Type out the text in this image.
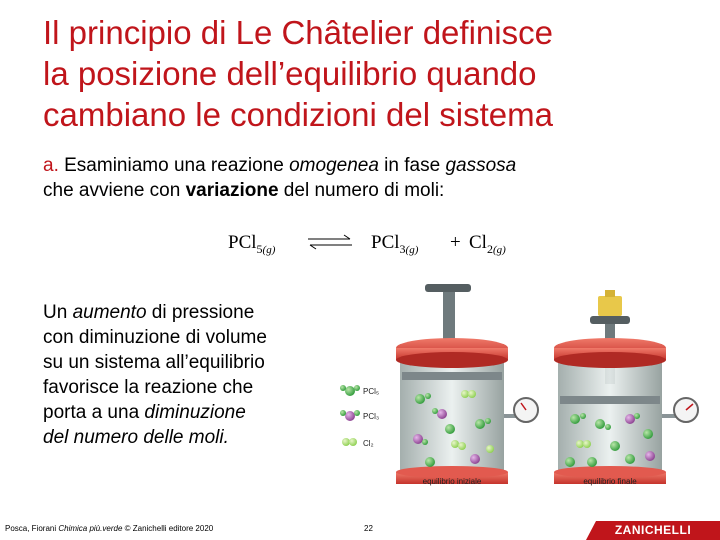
Il principio di Le Châtelier definisce
la posizione dell’equilibrio quando
cambiano le condizioni del sistema
a. Esaminiamo una reazione omogenea in fase gassosa
che avviene con variazione del numero di moli:
PCl$_{5(g)}$ ⇌ $PCl_{3(g)} + Cl_{2(g)}$
Un aumento di pressione
con diminuzione di volume
su un sistema all’equilibrio
favorisce la reazione che
porta a una diminuzione
del numero delle moli.
PCl₅
PCl₃
Cl₂
equilibrio iniziale	equilibrio finale
Posca, Fiorani Chimica più.verde © Zanichelli editore 2020	22	ZANICHELLI
